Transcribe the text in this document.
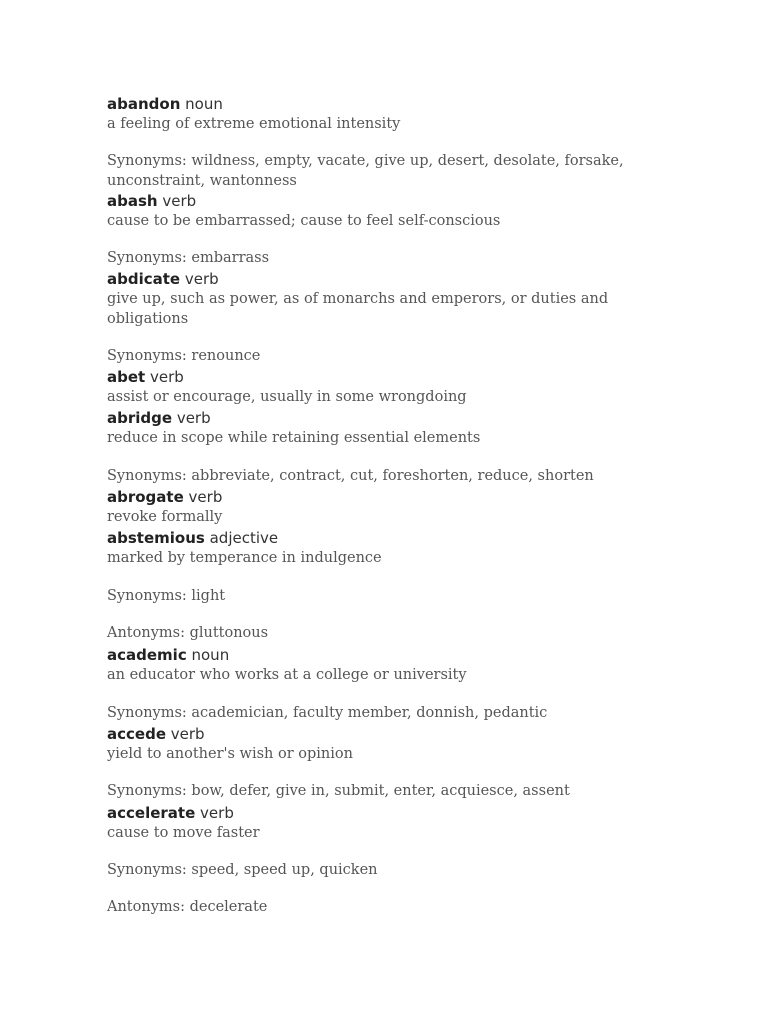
abandon noun
a feeling of extreme emotional intensity
Synonyms: wildness, empty, vacate, give up, desert, desolate, forsake,
unconstraint, wantonness
abash verb
cause to be embarrassed; cause to feel self-conscious
Synonyms: embarrass
abdicate verb
give up, such as power, as of monarchs and emperors, or duties and
obligations
Synonyms: renounce
abet verb
assist or encourage, usually in some wrongdoing
abridge verb
reduce in scope while retaining essential elements
Synonyms: abbreviate, contract, cut, foreshorten, reduce, shorten
abrogate verb
revoke formally
abstemious adjective
marked by temperance in indulgence
Synonyms: light
Antonyms: gluttonous
academic noun
an educator who works at a college or university
Synonyms: academician, faculty member, donnish, pedantic
accede verb
yield to another's wish or opinion
Synonyms: bow, defer, give in, submit, enter, acquiesce, assent
accelerate verb
cause to move faster
Synonyms: speed, speed up, quicken
Antonyms: decelerate
